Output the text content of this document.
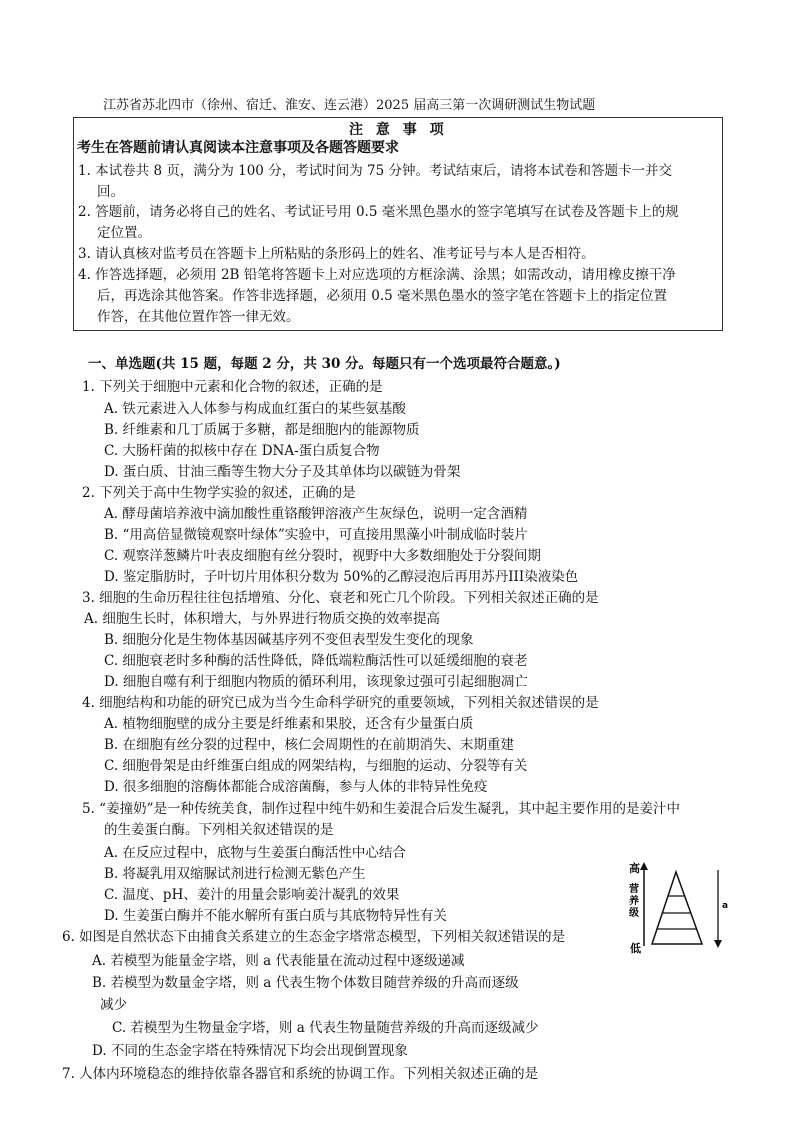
江苏省苏北四市（徐州、宿迁、淮安、连云港）2025 届高三第一次调研测试生物试题
注 意 事 项
考生在答题前请认真阅读本注意事项及各题答题要求
1. 本试卷共 8 页，满分为 100 分，考试时间为 75 分钟。考试结束后，请将本试卷和答题卡一并交
回。
2. 答题前，请务必将自己的姓名、考试证号用 0.5 毫米黑色墨水的签字笔填写在试卷及答题卡上的规
定位置。
3. 请认真核对监考员在答题卡上所粘贴的条形码上的姓名、准考证号与本人是否相符。
4. 作答选择题，必须用 2B 铅笔将答题卡上对应选项的方框涂满、涂黑；如需改动，请用橡皮擦干净
后，再选涂其他答案。作答非选择题，必须用 0.5 毫米黑色墨水的签字笔在答题卡上的指定位置
作答，在其他位置作答一律无效。
一、单选题(共 15 题，每题 2 分，共 30 分。每题只有一个选项最符合题意。)
1. 下列关于细胞中元素和化合物的叙述，正确的是
A. 铁元素进入人体参与构成血红蛋白的某些氨基酸
B. 纤维素和几丁质属于多糖，都是细胞内的能源物质
C. 大肠杆菌的拟核中存在 DNA-蛋白质复合物
D. 蛋白质、甘油三酯等生物大分子及其单体均以碳链为骨架
2. 下列关于高中生物学实验的叙述，正确的是
A. 酵母菌培养液中滴加酸性重铬酸钾溶液产生灰绿色，说明一定含酒精
B. “用高倍显微镜观察叶绿体”实验中，可直接用黑藻小叶制成临时装片
C. 观察洋葱鳞片叶表皮细胞有丝分裂时，视野中大多数细胞处于分裂间期
D. 鉴定脂肪时，子叶切片用体积分数为 50%的乙醇浸泡后再用苏丹III染液染色
3. 细胞的生命历程往往包括增殖、分化、衰老和死亡几个阶段。下列相关叙述正确的是
A. 细胞生长时，体积增大，与外界进行物质交换的效率提高
B. 细胞分化是生物体基因碱基序列不变但表型发生变化的现象
C. 细胞衰老时多种酶的活性降低，降低端粒酶活性可以延缓细胞的衰老
D. 细胞自噬有利于细胞内物质的循环利用，该现象过强可引起细胞凋亡
4. 细胞结构和功能的研究已成为当今生命科学研究的重要领域，下列相关叙述错误的是
A. 植物细胞壁的成分主要是纤维素和果胶，还含有少量蛋白质
B. 在细胞有丝分裂的过程中，核仁会周期性的在前期消失、末期重建
C. 细胞骨架是由纤维蛋白组成的网架结构，与细胞的运动、分裂等有关
D. 很多细胞的溶酶体都能合成溶菌酶，参与人体的非特异性免疫
5. “姜撞奶”是一种传统美食，制作过程中纯牛奶和生姜混合后发生凝乳，其中起主要作用的是姜汁中
的生姜蛋白酶。下列相关叙述错误的是
A. 在反应过程中，底物与生姜蛋白酶活性中心结合
B. 将凝乳用双缩脲试剂进行检测无紫色产生
C. 温度、pH、姜汁的用量会影响姜汁凝乳的效果
D. 生姜蛋白酶并不能水解所有蛋白质与其底物特异性有关
6. 如图是自然状态下由捕食关系建立的生态金字塔常态模型，下列相关叙述错误的是
A. 若模型为能量金字塔，则 a 代表能量在流动过程中逐级递减
B. 若模型为数量金字塔，则 a 代表生物个体数目随营养级的升高而逐级
减少
C. 若模型为生物量金字塔，则 a 代表生物量随营养级的升高而逐级减少
D. 不同的生态金字塔在特殊情况下均会出现倒置现象
7. 人体内环境稳态的维持依靠各器官和系统的协调工作。下列相关叙述正确的是
高
营
养
级
低
a
